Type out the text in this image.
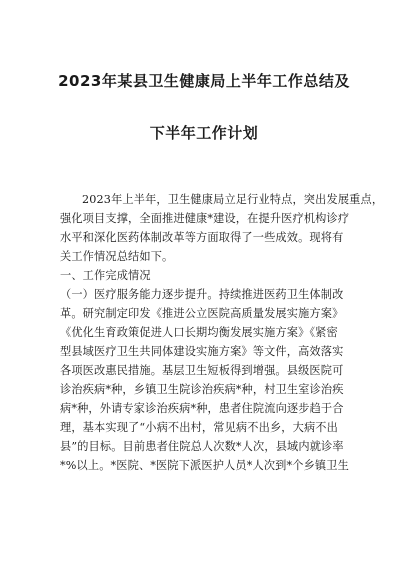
2023年某县卫生健康局上半年工作总结及
下半年工作计划

2023年上半年，卫生健康局立足行业特点，突出发展重点，

强化项目支撑，全面推进健康*建设，在提升医疗机构诊疗

水平和深化医药体制改革等方面取得了一些成效。现将有

关工作情况总结如下。

一、工作完成情况

（一）医疗服务能力逐步提升。持续推进医药卫生体制改

革。研究制定印发《推进公立医院高质量发展实施方案》

《优化生育政策促进人口长期均衡发展实施方案》《紧密

型县域医疗卫生共同体建设实施方案》等文件，高效落实

各项医改惠民措施。基层卫生短板得到增强。县级医院可

诊治疾病*种，乡镇卫生院诊治疾病*种，村卫生室诊治疾

病*种，外请专家诊治疾病*种，患者住院流向逐步趋于合

理，基本实现了“小病不出村，常见病不出乡，大病不出

县”的目标。目前患者住院总人次数*人次，县域内就诊率

*%以上。*医院、*医院下派医护人员*人次到*个乡镇卫生
